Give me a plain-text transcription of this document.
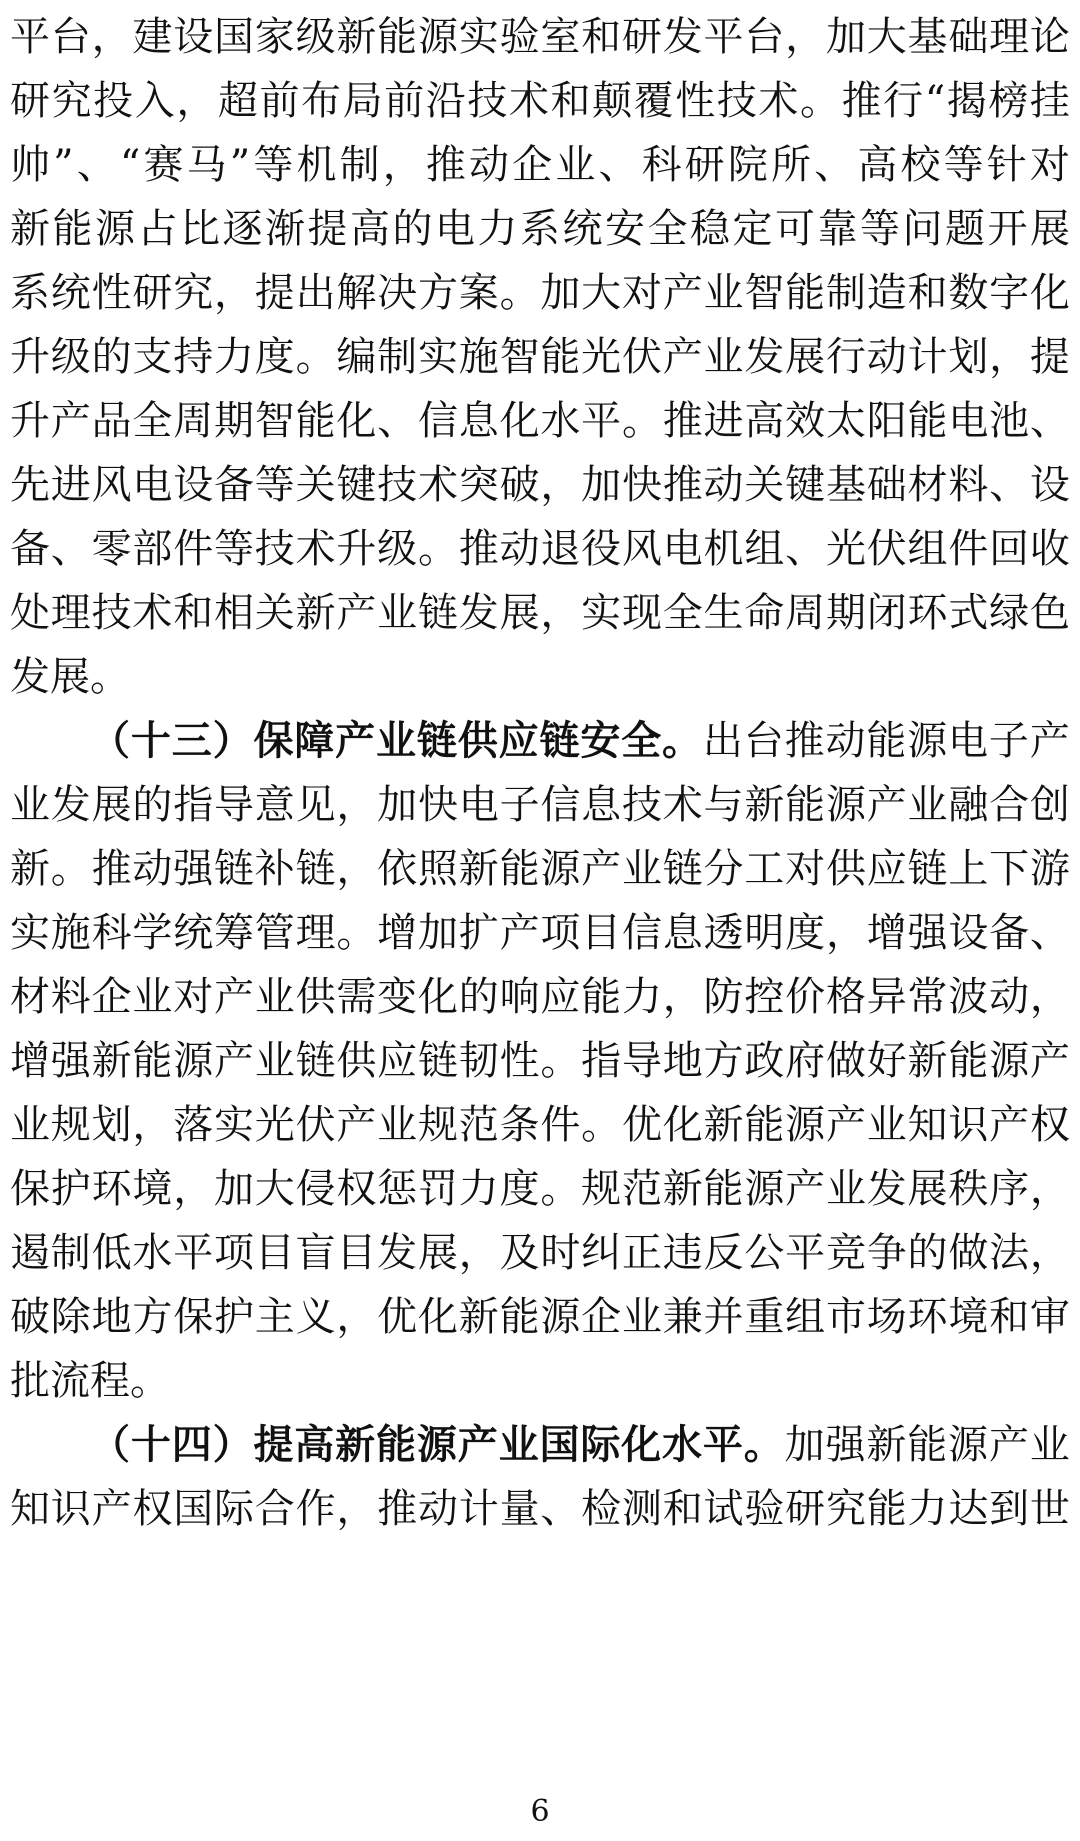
平 台 ， 建 设 国 家 级 新 能 源 实 验 室 和 研 发 平 台 ， 加 大 基 础 理 论
研 究 投 入 ， 超 前 布 局 前 沿 技 术 和 颠 覆 性 技 术 。 推 行 “ 揭 榜 挂
帅 ” 、 “ 赛 马 ” 等 机 制 ， 推 动 企 业 、 科 研 院 所 、 高 校 等 针 对
新 能 源 占 比 逐 渐 提 高 的 电 力 系 统 安 全 稳 定 可 靠 等 问 题 开 展
系 统 性 研 究 ， 提 出 解 决 方 案 。 加 大 对 产 业 智 能 制 造 和 数 字 化
升 级 的 支 持 力 度 。 编 制 实 施 智 能 光 伏 产 业 发 展 行 动 计 划 ， 提
升 产 品 全 周 期 智 能 化 、 信 息 化 水 平 。 推 进 高 效 太 阳 能 电 池 、
先 进 风 电 设 备 等 关 键 技 术 突 破 ， 加 快 推 动 关 键 基 础 材 料 、 设
备 、 零 部 件 等 技 术 升 级 。 推 动 退 役 风 电 机 组 、 光 伏 组 件 回 收
处 理 技 术 和 相 关 新 产 业 链 发 展 ， 实 现 全 生 命 周 期 闭 环 式 绿 色
发展。
（ 十 三 ） 保 障 产 业 链 供 应 链 安 全 。 出 台 推 动 能 源 电 子 产
业 发 展 的 指 导 意 见 ， 加 快 电 子 信 息 技 术 与 新 能 源 产 业 融 合 创
新 。 推 动 强 链 补 链 ， 依 照 新 能 源 产 业 链 分 工 对 供 应 链 上 下 游
实 施 科 学 统 筹 管 理 。 增 加 扩 产 项 目 信 息 透 明 度 ， 增 强 设 备 、
材 料 企 业 对 产 业 供 需 变 化 的 响 应 能 力 ， 防 控 价 格 异 常 波 动 ，
增 强 新 能 源 产 业 链 供 应 链 韧 性 。 指 导 地 方 政 府 做 好 新 能 源 产
业 规 划 ， 落 实 光 伏 产 业 规 范 条 件 。 优 化 新 能 源 产 业 知 识 产 权
保 护 环 境 ， 加 大 侵 权 惩 罚 力 度 。 规 范 新 能 源 产 业 发 展 秩 序 ，
遏 制 低 水 平 项 目 盲 目 发 展 ， 及 时 纠 正 违 反 公 平 竞 争 的 做 法 ，
破 除 地 方 保 护 主 义 ， 优 化 新 能 源 企 业 兼 并 重 组 市 场 环 境 和 审
批流程。
（ 十 四 ） 提 高 新 能 源 产 业 国 际 化 水 平 。 加 强 新 能 源 产 业
知 识 产 权 国 际 合 作 ， 推 动 计 量 、 检 测 和 试 验 研 究 能 力 达 到 世
6
